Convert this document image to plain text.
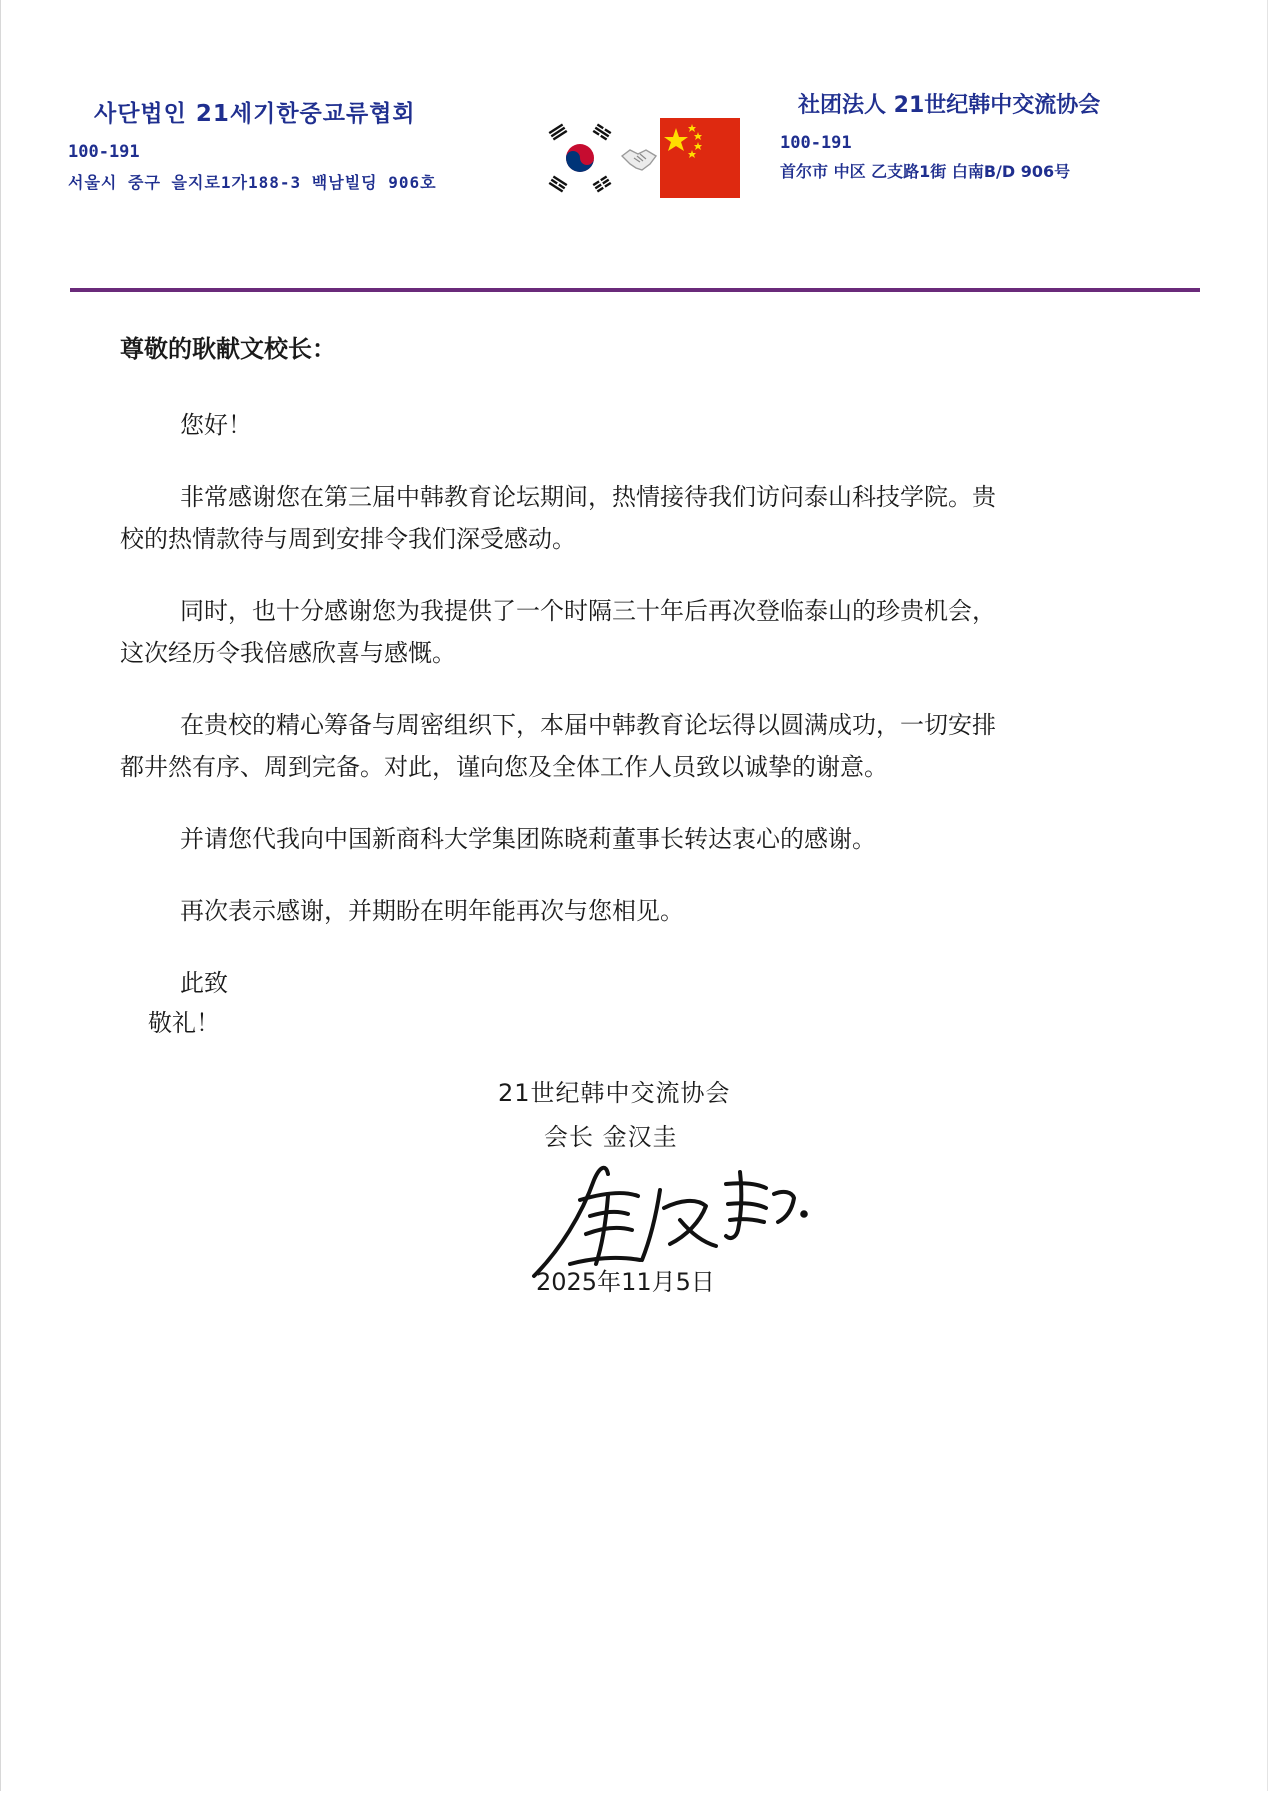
사단법인 21세기한중교류협회
100-191
서울시 중구 을지로1가188-3 백남빌딩 906호
社团法人 21世纪韩中交流协会
100-191
首尔市 中区 乙支路1街 白南B/D 906号
尊敬的耿献文校长：
您好！
非常感谢您在第三届中韩教育论坛期间，热情接待我们访问泰山科技学院。贵
校的热情款待与周到安排令我们深受感动。
同时，也十分感谢您为我提供了一个时隔三十年后再次登临泰山的珍贵机会，
这次经历令我倍感欣喜与感慨。
在贵校的精心筹备与周密组织下，本届中韩教育论坛得以圆满成功，一切安排
都井然有序、周到完备。对此，谨向您及全体工作人员致以诚挚的谢意。
并请您代我向中国新商科大学集团陈晓莉董事长转达衷心的感谢。
再次表示感谢，并期盼在明年能再次与您相见。
此致
敬礼！
21世纪韩中交流协会
会长 金汉圭
2025年11月5日
